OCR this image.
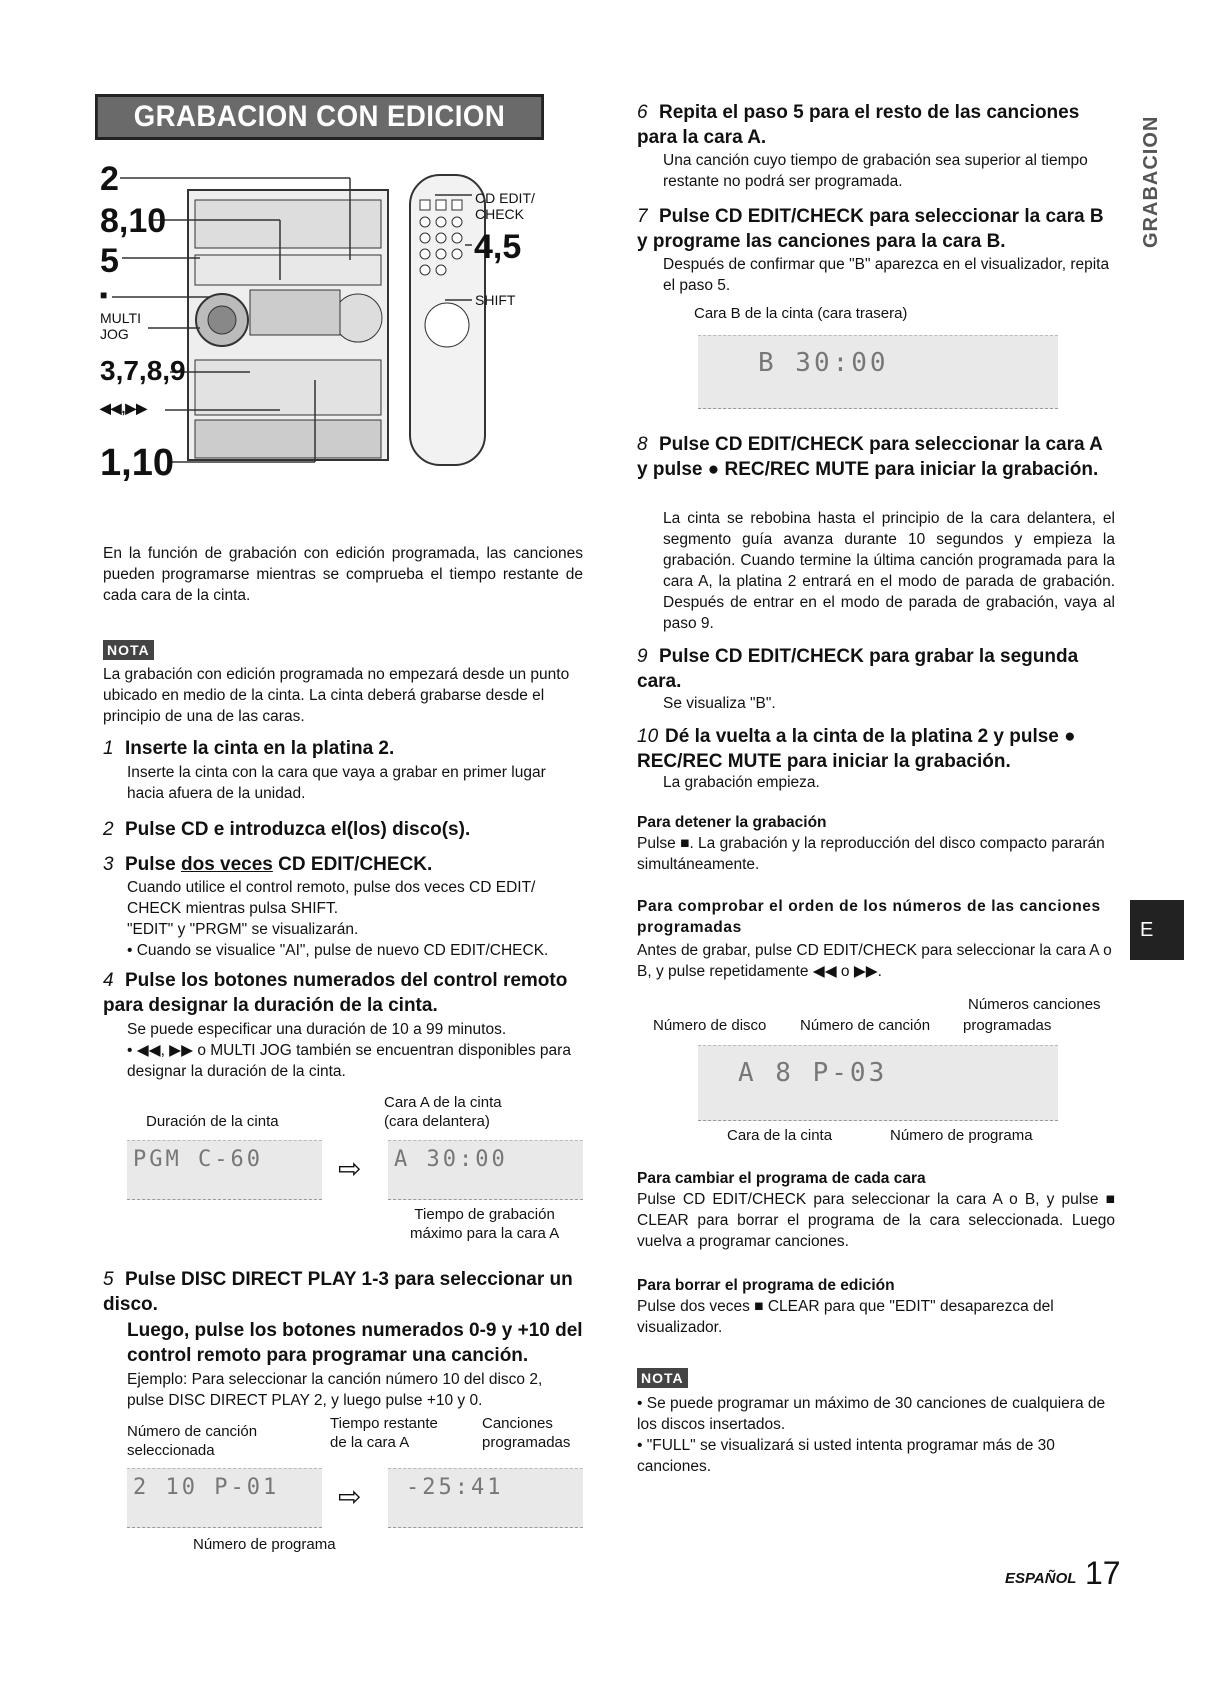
GRABACION CON EDICION PROGRAMADA	GRABACION
2
8,10
5
■
MULTI
JOG
3,7,8,9
◀◀,▶▶
1,10
CD EDIT/
CHECK
4,5
SHIFT
En la función de grabación con edición programada, las canciones pueden programarse mientras se comprueba el tiempo restante de cada cara de la cinta.
NOTA
La grabación con edición programada no empezará desde un punto ubicado en medio de la cinta. La cinta deberá grabarse desde el principio de una de las caras.
1 Inserte la cinta en la platina 2.
Inserte la cinta con la cara que vaya a grabar en primer lugar hacia afuera de la unidad.
2 Pulse CD e introduzca el(los) disco(s).
3 Pulse dos veces CD EDIT/CHECK.
Cuando utilice el control remoto, pulse dos veces CD EDIT/ CHECK mientras pulsa SHIFT.
"EDIT" y "PRGM" se visualizarán.
• Cuando se visualice "AI", pulse de nuevo CD EDIT/CHECK.
4 Pulse los botones numerados del control remoto para designar la duración de la cinta.
Se puede especificar una duración de 10 a 99 minutos.
• ◀◀, ▶▶ o MULTI JOG también se encuentran disponibles para designar la duración de la cinta.
Cara A de la cinta
(cara delantera)
Duración de la cinta
PGM C-60	⇨ A 30:00
Tiempo de grabación
máximo para la cara A
5 Pulse DISC DIRECT PLAY 1-3 para seleccionar un disco.
Luego, pulse los botones numerados 0-9 y +10 del control remoto para programar una canción.
Ejemplo: Para seleccionar la canción número 10 del disco 2, pulse DISC DIRECT PLAY 2, y luego pulse +10 y 0.
Número de canción
seleccionada
Tiempo restante
de la cara A
Canciones
programadas
2 10 P-01	⇨	-25:41
Número de programa
6 Repita el paso 5 para el resto de las canciones para la cara A.
Una canción cuyo tiempo de grabación sea superior al tiempo restante no podrá ser programada.
7 Pulse CD EDIT/CHECK para seleccionar la cara B y programe las canciones para la cara B.
Después de confirmar que "B" aparezca en el visualizador, repita el paso 5.
Cara B de la cinta (cara trasera)
B 30:00
8 Pulse CD EDIT/CHECK para seleccionar la cara A y pulse ● REC/REC MUTE para iniciar la grabación.
La cinta se rebobina hasta el principio de la cara delantera, el segmento guía avanza durante 10 segundos y empieza la grabación. Cuando termine la última canción programada para la cara A, la platina 2 entrará en el modo de parada de grabación. Después de entrar en el modo de parada de grabación, vaya al paso 9.
9 Pulse CD EDIT/CHECK para grabar la segunda cara.
Se visualiza "B".
10 Dé la vuelta a la cinta de la platina 2 y pulse ● REC/REC MUTE para iniciar la grabación.
La grabación empieza.
Para detener la grabación
Pulse ■. La grabación y la reproducción del disco compacto pararán simultáneamente.
Para comprobar el orden de los números de las canciones programadas
Antes de grabar, pulse CD EDIT/CHECK para seleccionar la cara A o B, y pulse repetidamente ◀◀ o ▶▶.
Números canciones
Número de disco Número de canción programadas
A 8 P-03
Cara de la cinta	Número de programa
Para cambiar el programa de cada cara
Pulse CD EDIT/CHECK para seleccionar la cara A o B, y pulse ■ CLEAR para borrar el programa de la cara seleccionada. Luego vuelva a programar canciones.
Para borrar el programa de edición
Pulse dos veces ■ CLEAR para que "EDIT" desaparezca del visualizador.
NOTA
• Se puede programar un máximo de 30 canciones de cualquiera de los discos insertados.
• "FULL" se visualizará si usted intenta programar más de 30 canciones.
E
ESPAÑOL 17
